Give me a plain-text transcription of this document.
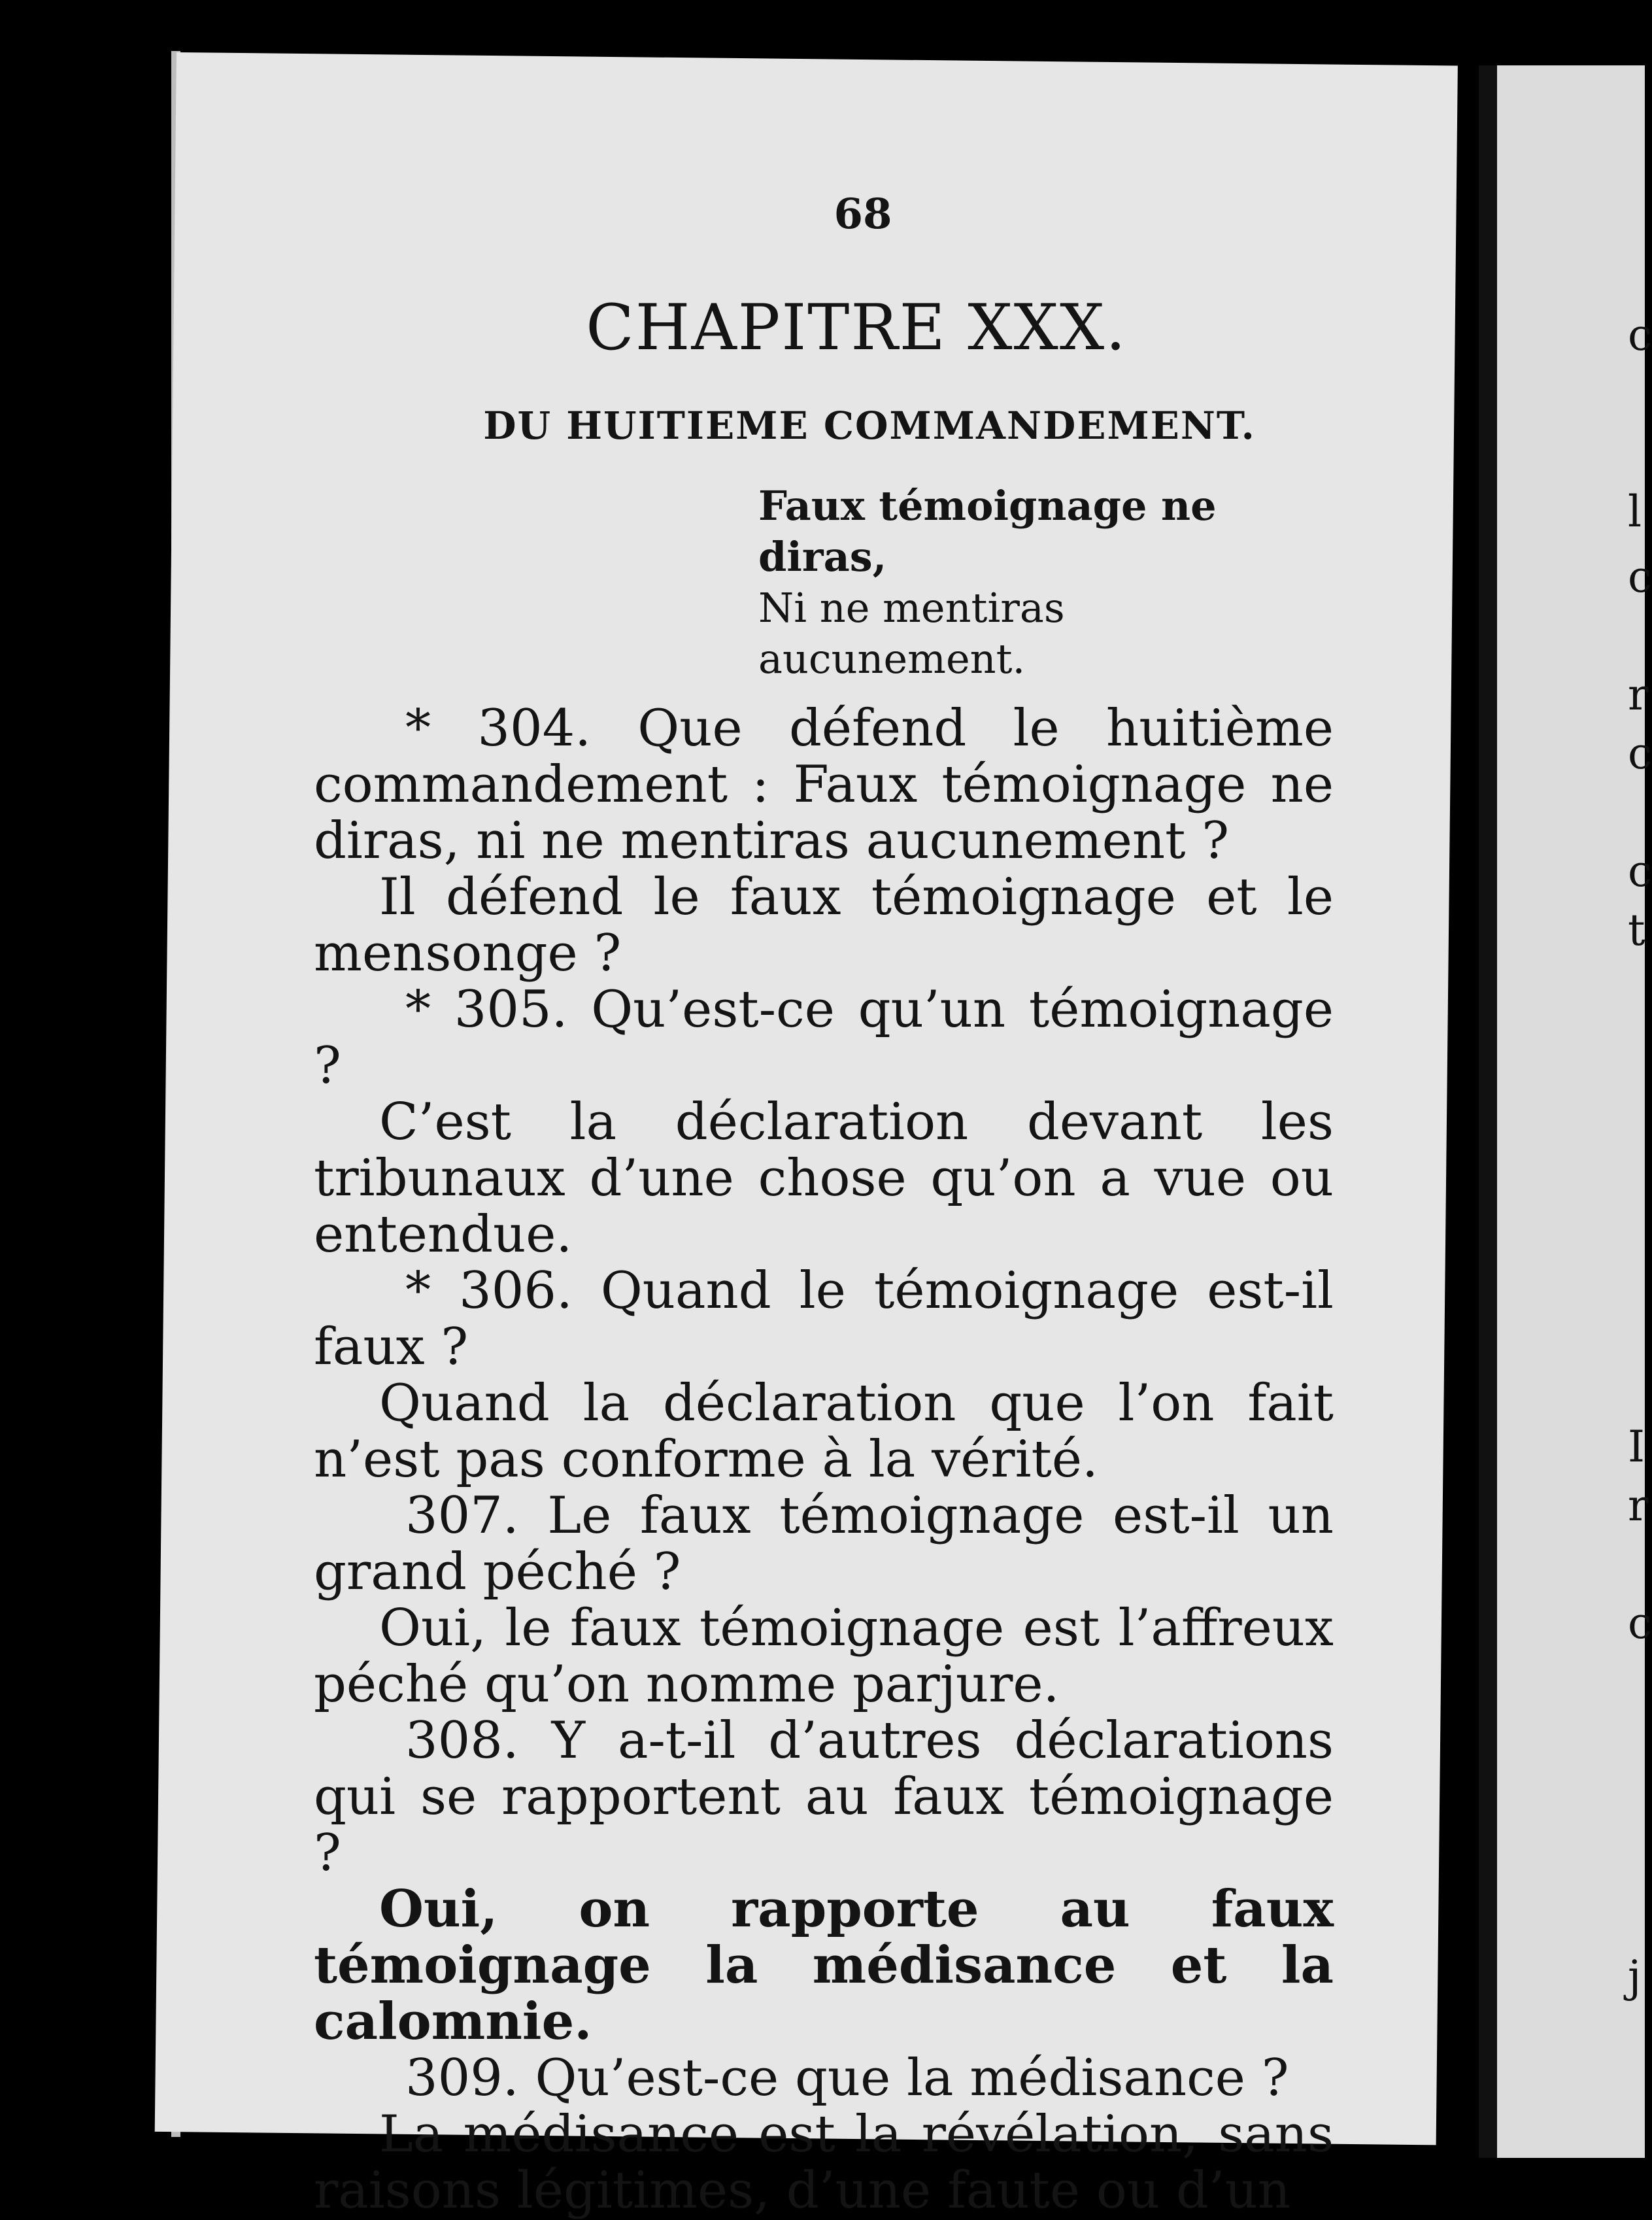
c
l
c
r
c
c
t
I
r
c
j
68
CHAPITRE XXX.
DU HUITIEME COMMANDEMENT.
Faux témoignage ne diras,
Ni ne mentiras aucunement.

* 304. Que défend le huitième commandement : Faux témoignage ne diras, ni ne mentiras aucunement ?

Il défend le faux témoignage et le mensonge ?

* 305. Qu’est-ce qu’un témoignage ?

C’est la déclaration devant les tribunaux d’une chose qu’on a vue ou entendue.

* 306. Quand le témoignage est-il faux ?

Quand la déclaration que l’on fait n’est pas conforme à la vérité.

307. Le faux témoignage est-il un grand péché ?

Oui, le faux témoignage est l’affreux péché qu’on nomme parjure.

308. Y a-t-il d’autres déclarations qui se rapportent au faux témoignage ?

Oui, on rapporte au faux témoignage la médisance et la calomnie.

309. Qu’est-ce que la médisance ?

La médisance est la révélation, sans raisons légitimes, d’une faute ou d’un
